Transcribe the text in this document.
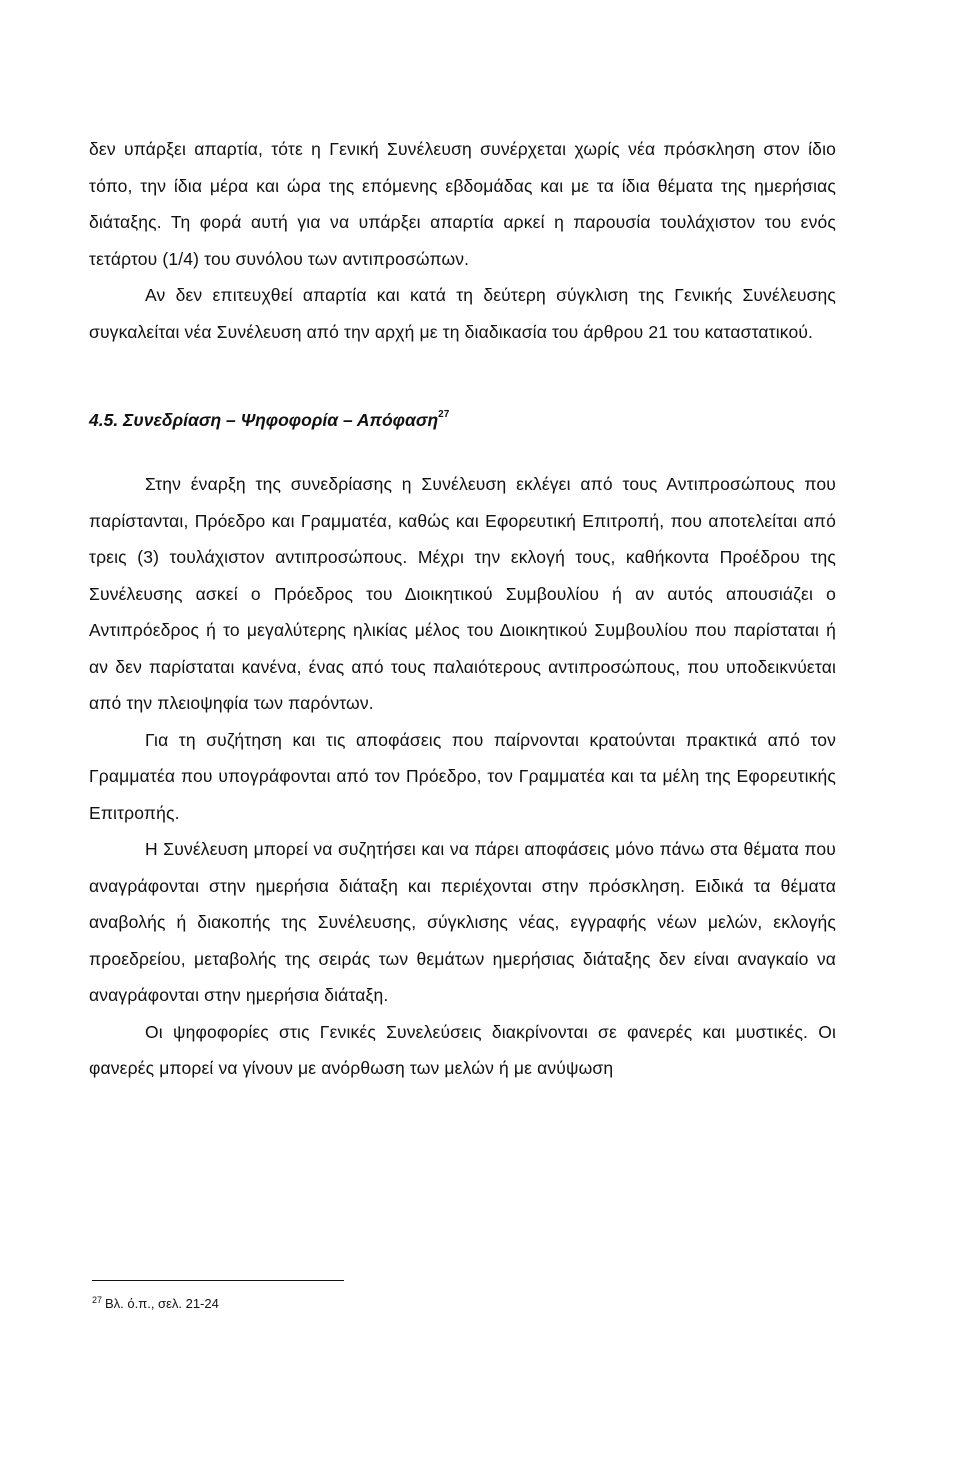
δεν υπάρξει απαρτία, τότε η Γενική Συνέλευση συνέρχεται χωρίς νέα πρόσκληση στον ίδιο τόπο, την ίδια μέρα και ώρα της επόμενης εβδομάδας και με τα ίδια θέματα της ημερήσιας διάταξης. Τη φορά αυτή για να υπάρξει απαρτία αρκεί η παρουσία τουλάχιστον του ενός τετάρτου (1/4) του συνόλου των αντιπροσώπων.

Αν δεν επιτευχθεί απαρτία και κατά τη δεύτερη σύγκλιση της Γενικής Συνέλευσης συγκαλείται νέα Συνέλευση από την αρχή με τη διαδικασία του άρθρου 21 του καταστατικού.

4.5. Συνεδρίαση – Ψηφοφορία – Απόφαση$^{27}$

Στην έναρξη της συνεδρίασης η Συνέλευση εκλέγει από τους Αντιπροσώπους που παρίστανται, Πρόεδρο και Γραμματέα, καθώς και Εφορευτική Επιτροπή, που αποτελείται από τρεις (3) τουλάχιστον αντιπροσώπους. Μέχρι την εκλογή τους, καθήκοντα Προέδρου της Συνέλευσης ασκεί ο Πρόεδρος του Διοικητικού Συμβουλίου ή αν αυτός απουσιάζει ο Αντιπρόεδρος ή το μεγαλύτερης ηλικίας μέλος του Διοικητικού Συμβουλίου που παρίσταται ή αν δεν παρίσταται κανένα, ένας από τους παλαιότερους αντιπροσώπους, που υποδεικνύεται από την πλειοψηφία των παρόντων.

Για τη συζήτηση και τις αποφάσεις που παίρνονται κρατούνται πρακτικά από τον Γραμματέα που υπογράφονται από τον Πρόεδρο, τον Γραμματέα και τα μέλη της Εφορευτικής Επιτροπής.

Η Συνέλευση μπορεί να συζητήσει και να πάρει αποφάσεις μόνο πάνω στα θέματα που αναγράφονται στην ημερήσια διάταξη και περιέχονται στην πρόσκληση. Ειδικά τα θέματα αναβολής ή διακοπής της Συνέλευσης, σύγκλισης νέας, εγγραφής νέων μελών, εκλογής προεδρείου, μεταβολής της σειράς των θεμάτων ημερήσιας διάταξης δεν είναι αναγκαίο να αναγράφονται στην ημερήσια διάταξη.

Οι ψηφοφορίες στις Γενικές Συνελεύσεις διακρίνονται σε φανερές και μυστικές. Οι φανερές μπορεί να γίνουν με ανόρθωση των μελών ή με ανύψωση

$^{27}$ Βλ. ό.π., σελ. 21-24
